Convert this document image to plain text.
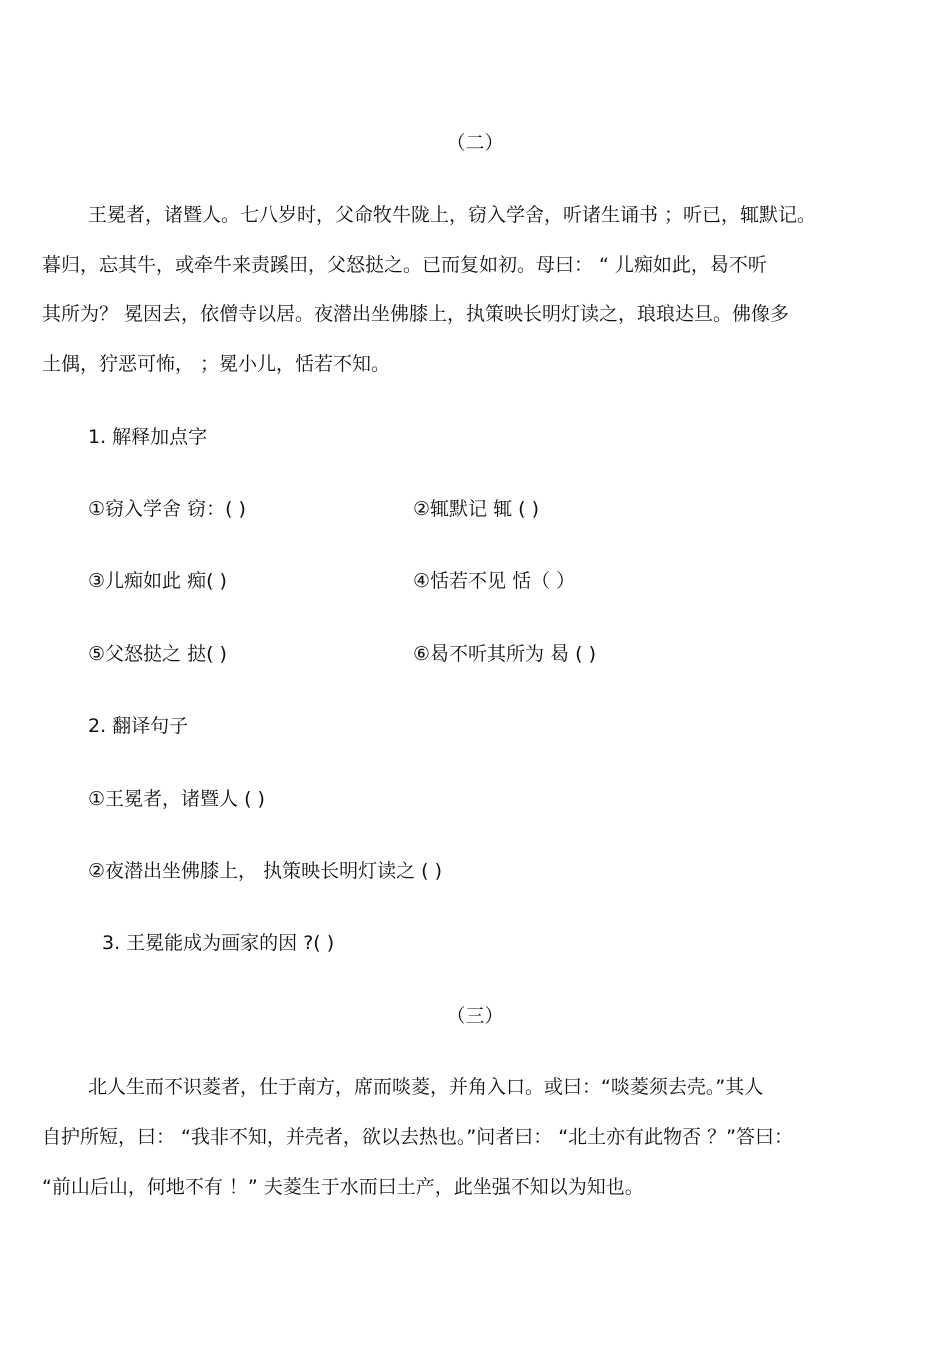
（二）
王冕者，诸暨人。七八岁时，父命牧牛陇上，窃入学舍，听诸生诵书 ；听已，辄默记。
暮归，忘其牛，或牵牛来责蹊田，父怒挞之。已而复如初。母曰： “ 儿痴如此，曷不听
其所为？ 冕因去，依僧寺以居。夜潜出坐佛膝上，执策映长明灯读之，琅琅达旦。佛像多
土偶，狞恶可怖， ；冕小儿，恬若不知。
1. 解释加点字
①窃入学舍 窃：( )	②辄默记 辄 ( )
③儿痴如此 痴( )	④恬若不见 恬（ ）
⑤父怒挞之 挞( )	⑥曷不听其所为 曷 ( )
2. 翻译句子
①王冕者，诸暨人 ( )
②夜潜出坐佛膝上， 执策映长明灯读之 ( )
3. 王冕能成为画家的因 ?( )
（三）
北人生而不识菱者，仕于南方，席而啖菱，并角入口。或曰：“啖菱须去壳。”其人
自护所短，曰： “我非不知，并壳者，欲以去热也。”问者曰： “北土亦有此物否 ？”答曰：
“前山后山，何地不有 ！” 夫菱生于水而曰土产，此坐强不知以为知也。
